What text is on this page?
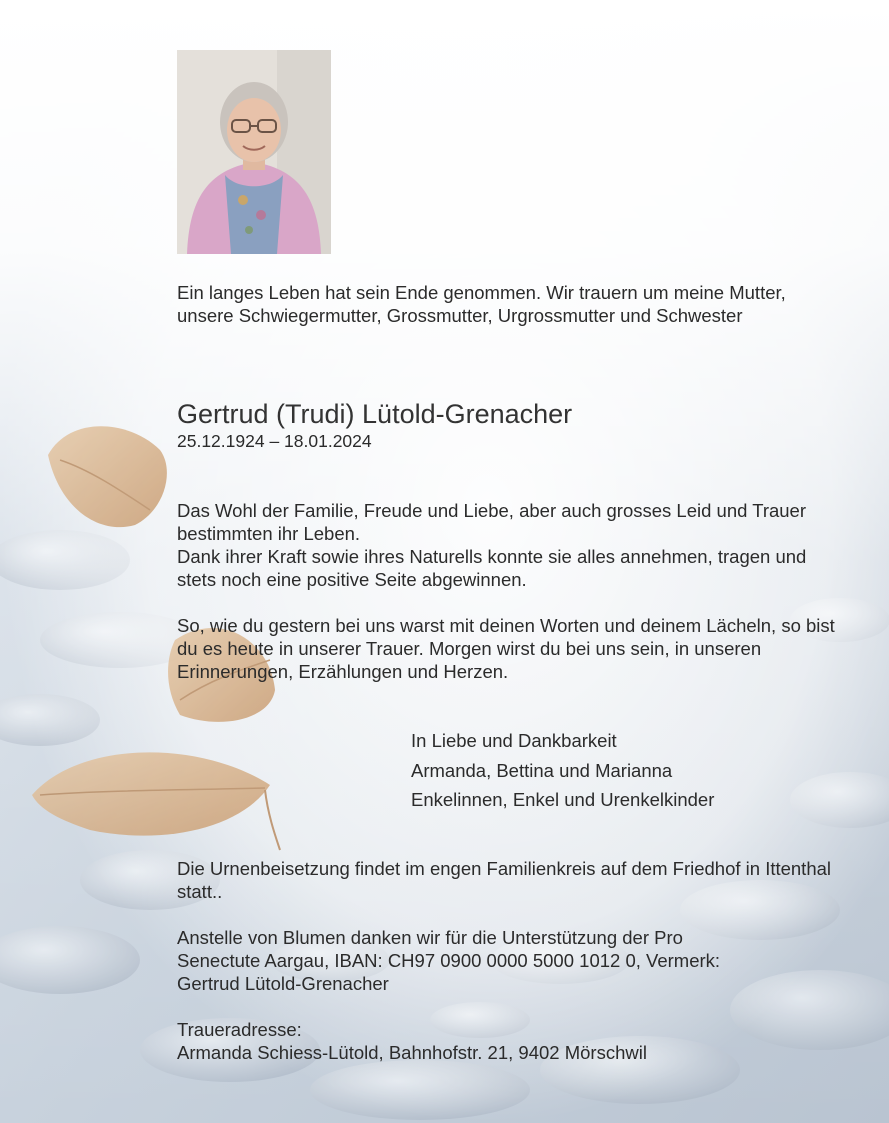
Ein langes Leben hat sein Ende genommen. Wir trauern um meine Mutter, unsere Schwiegermutter, Grossmutter, Urgrossmutter und Schwester

Gertrud (Trudi) Lütold-Grenacher
25.12.1924 – 18.01.2024

Das Wohl der Familie, Freude und Liebe, aber auch grosses Leid und Trauer bestimmten ihr Leben.

Dank ihrer Kraft sowie ihres Naturells konnte sie alles annehmen, tragen und stets noch eine positive Seite abgewinnen.

So, wie du gestern bei uns warst mit deinen Worten und deinem Lächeln, so bist du es heute in unserer Trauer. Morgen wirst du bei uns sein, in unseren Erinnerungen, Erzählungen und Herzen.

In Liebe und Dankbarkeit
Armanda, Bettina und Marianna
Enkelinnen, Enkel und Urenkelkinder

Die Urnenbeisetzung findet im engen Familienkreis auf dem Friedhof in Ittenthal statt..

Anstelle von Blumen danken wir für die Unterstützung der Pro
Senectute Aargau, IBAN: CH97 0900 0000 5000 1012 0, Vermerk:
Gertrud Lütold-Grenacher
Traueradresse:
Armanda Schiess-Lütold, Bahnhofstr. 21, 9402 Mörschwil
